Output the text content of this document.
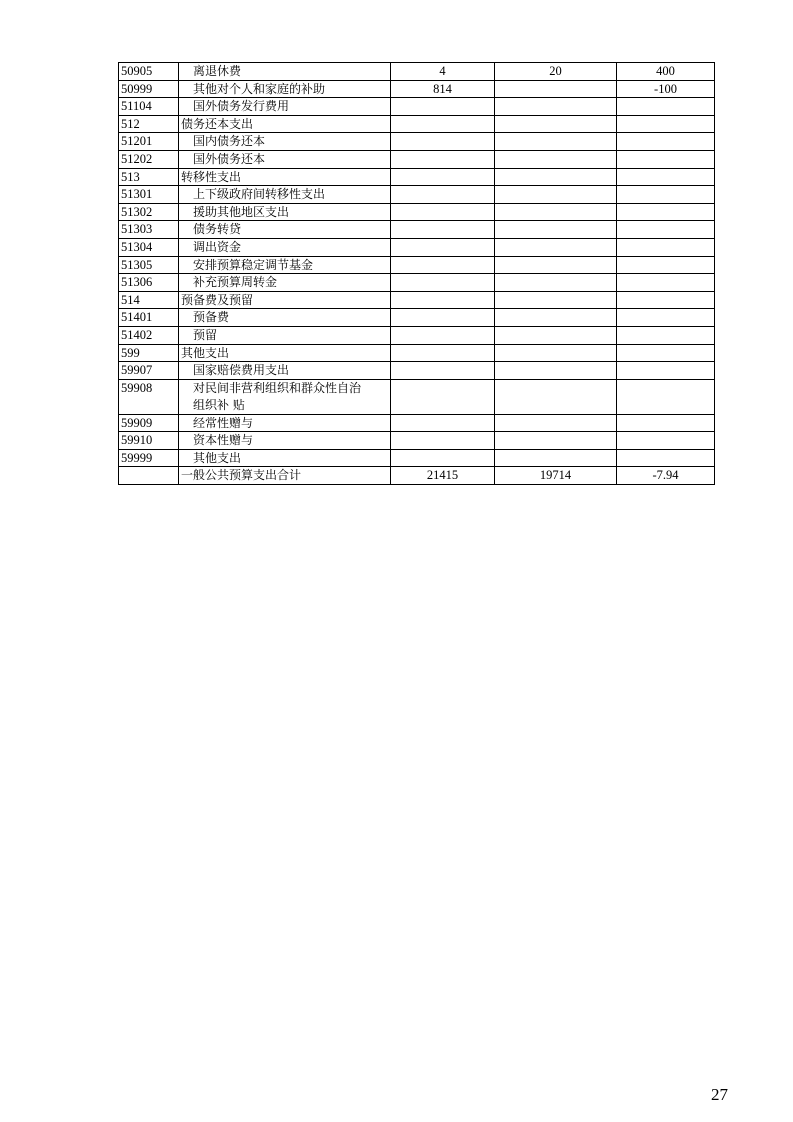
50905	离退休费	4	20	400
50999	其他对个人和家庭的补助	814		-100
51104	国外债务发行费用			
512	债务还本支出			
51201	国内债务还本			
51202	国外债务还本			
513	转移性支出			
51301	上下级政府间转移性支出			
51302	援助其他地区支出			
51303	债务转贷			
51304	调出资金			
51305	安排预算稳定调节基金			
51306	补充预算周转金			
514	预备费及预留			
51401	预备费			
51402	预留			
599	其他支出			
59907	国家赔偿费用支出			
59908	对民间非营利组织和群众性自治
组织补 贴			
59909	经常性赠与			
59910	资本性赠与			
59999	其他支出			
	一般公共预算支出合计	21415	19714	-7.94
27
